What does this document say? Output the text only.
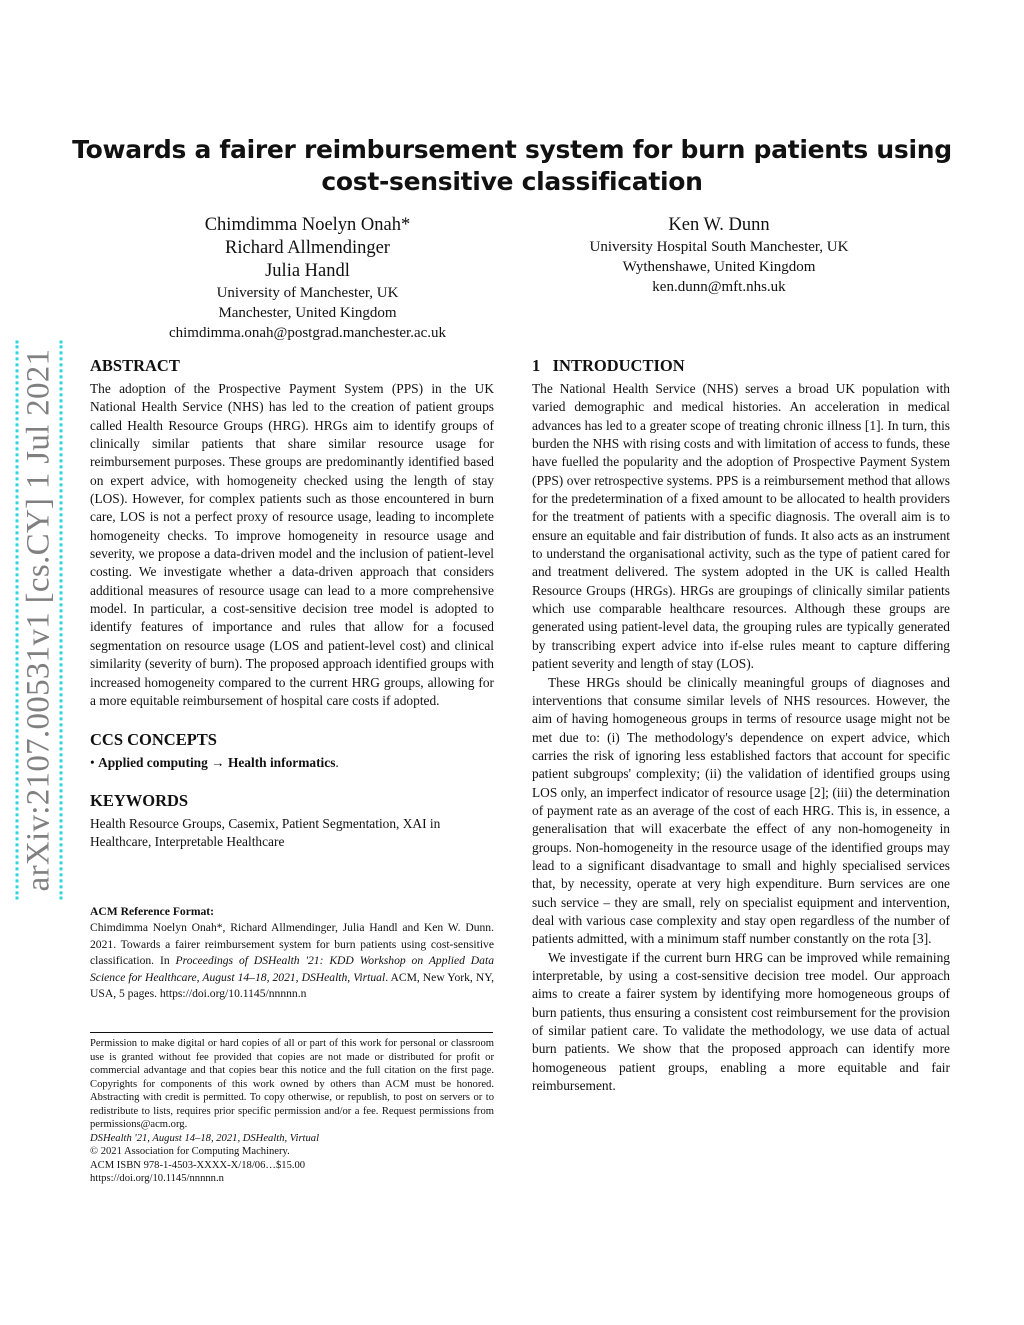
arXiv:2107.00531v1 [cs.CY] 1 Jul 2021
Towards a fairer reimbursement system for burn patients using cost-sensitive classification
Chimdimma Noelyn Onah*
Richard Allmendinger
Julia Handl
University of Manchester, UK
Manchester, United Kingdom
chimdimma.onah@postgrad.manchester.ac.uk
Ken W. Dunn
University Hospital South Manchester, UK
Wythenshawe, United Kingdom
ken.dunn@mft.nhs.uk
ABSTRACT

The adoption of the Prospective Payment System (PPS) in the UK National Health Service (NHS) has led to the creation of patient groups called Health Resource Groups (HRG). HRGs aim to identify groups of clinically similar patients that share similar resource usage for reimbursement purposes. These groups are predominantly identified based on expert advice, with homogeneity checked using the length of stay (LOS). However, for complex patients such as those encountered in burn care, LOS is not a perfect proxy of resource usage, leading to incomplete homogeneity checks. To improve homogeneity in resource usage and severity, we propose a data-driven model and the inclusion of patient-level costing. We investigate whether a data-driven approach that considers additional measures of resource usage can lead to a more comprehensive model. In particular, a cost-sensitive decision tree model is adopted to identify features of importance and rules that allow for a focused segmentation on resource usage (LOS and patient-level cost) and clinical similarity (severity of burn). The proposed approach identified groups with increased homogeneity compared to the current HRG groups, allowing for a more equitable reimbursement of hospital care costs if adopted.

CCS CONCEPTS

• Applied computing → Health informatics.

KEYWORDS

Health Resource Groups, Casemix, Patient Segmentation, XAI in Healthcare, Interpretable Healthcare

ACM Reference Format:
Chimdimma Noelyn Onah*, Richard Allmendinger, Julia Handl and Ken W. Dunn. 2021. Towards a fairer reimbursement system for burn patients using cost-sensitive classification. In Proceedings of DSHealth '21: KDD Workshop on Applied Data Science for Healthcare, August 14–18, 2021, DSHealth, Virtual. ACM, New York, NY, USA, 5 pages. https://doi.org/10.1145/nnnnn.n
Permission to make digital or hard copies of all or part of this work for personal or classroom use is granted without fee provided that copies are not made or distributed for profit or commercial advantage and that copies bear this notice and the full citation on the first page. Copyrights for components of this work owned by others than ACM must be honored. Abstracting with credit is permitted. To copy otherwise, or republish, to post on servers or to redistribute to lists, requires prior specific permission and/or a fee. Request permissions from permissions@acm.org.
DSHealth '21, August 14–18, 2021, DSHealth, Virtual
© 2021 Association for Computing Machinery.
ACM ISBN 978-1-4503-XXXX-X/18/06…$15.00
https://doi.org/10.1145/nnnnn.n
1   INTRODUCTION

The National Health Service (NHS) serves a broad UK population with varied demographic and medical histories. An acceleration in medical advances has led to a greater scope of treating chronic illness [1]. In turn, this burden the NHS with rising costs and with limitation of access to funds, these have fuelled the popularity and the adoption of Prospective Payment System (PPS) over retrospective systems. PPS is a reimbursement method that allows for the predetermination of a fixed amount to be allocated to health providers for the treatment of patients with a specific diagnosis. The overall aim is to ensure an equitable and fair distribution of funds. It also acts as an instrument to understand the organisational activity, such as the type of patient cared for and treatment delivered. The system adopted in the UK is called Health Resource Groups (HRGs). HRGs are groupings of clinically similar patients which use comparable healthcare resources. Although these groups are generated using patient-level data, the grouping rules are typically generated by transcribing expert advice into if-else rules meant to capture differing patient severity and length of stay (LOS).

These HRGs should be clinically meaningful groups of diagnoses and interventions that consume similar levels of NHS resources. However, the aim of having homogeneous groups in terms of resource usage might not be met due to: (i) The methodology's dependence on expert advice, which carries the risk of ignoring less established factors that account for specific patient subgroups' complexity; (ii) the validation of identified groups using LOS only, an imperfect indicator of resource usage [2]; (iii) the determination of payment rate as an average of the cost of each HRG. This is, in essence, a generalisation that will exacerbate the effect of any non-homogeneity in groups. Non-homogeneity in the resource usage of the identified groups may lead to a significant disadvantage to small and highly specialised services that, by necessity, operate at very high expenditure. Burn services are one such service – they are small, rely on specialist equipment and intervention, deal with various case complexity and stay open regardless of the number of patients admitted, with a minimum staff number constantly on the rota [3].

We investigate if the current burn HRG can be improved while remaining interpretable, by using a cost-sensitive decision tree model. Our approach aims to create a fairer system by identifying more homogeneous groups of burn patients, thus ensuring a consistent cost reimbursement for the provision of similar patient care. To validate the methodology, we use data of actual burn patients. We show that the proposed approach can identify more homogeneous patient groups, enabling a more equitable and fair reimbursement.
